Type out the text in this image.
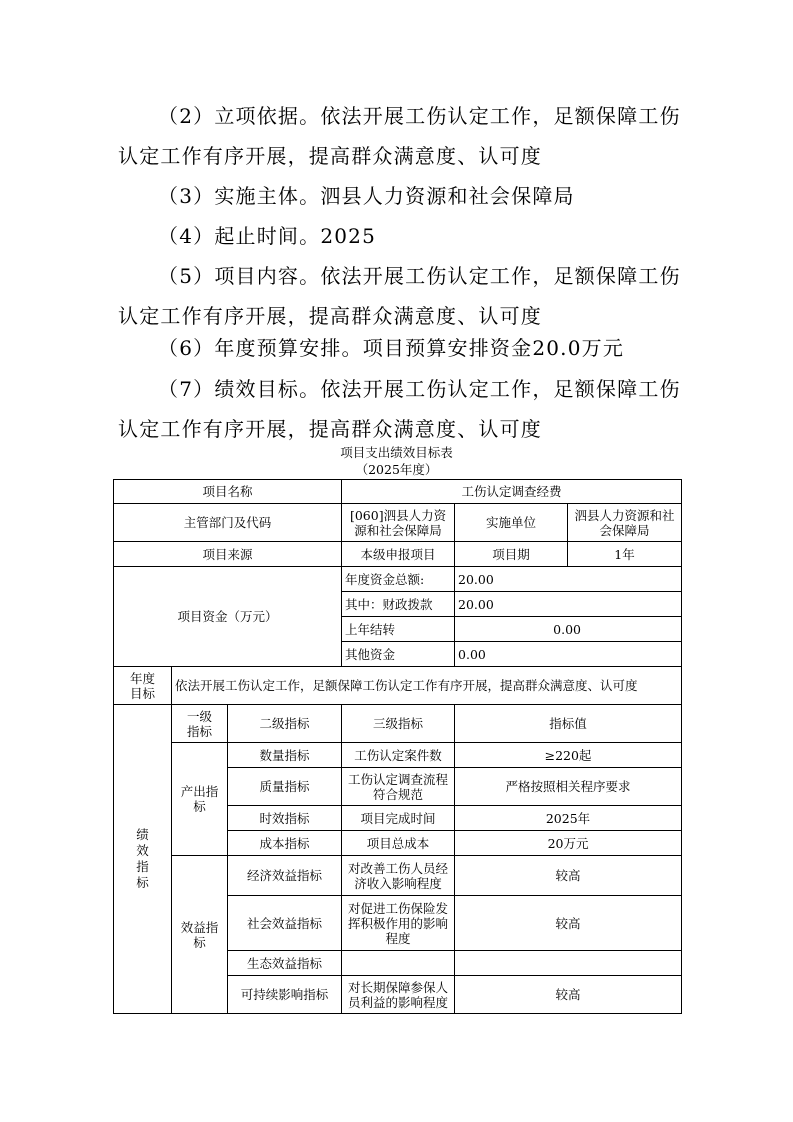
（2）立项依据。依法开展工伤认定工作，足额保障工伤
认定工作有序开展，提高群众满意度、认可度
（3）实施主体。泗县人力资源和社会保障局
（4）起止时间。2025
（5）项目内容。依法开展工伤认定工作，足额保障工伤
认定工作有序开展，提高群众满意度、认可度
（6）年度预算安排。项目预算安排资金20.0万元
（7）绩效目标。依法开展工伤认定工作，足额保障工伤
认定工作有序开展，提高群众满意度、认可度
项目支出绩效目标表
（2025年度）
项目名称			工伤认定调查经费		
主管部门及代码			[060]泗县人力资源和社会保障局	实施单位	泗县人力资源和社会保障局
项目来源			本级申报项目	项目期	1年
项目资金（万元）			年度资金总额:	20.00	
			其中：财政拨款	20.00	
			上年结转	0.00	
			其他资金	0.00	
年度目标	依法开展工伤认定工作，足额保障工伤认定工作有序开展，提高群众满意度、认可度				
绩效指标	一级指标	二级指标	三级指标	指标值	
	产出指标	数量指标	工伤认定案件数	≥220起	
		质量指标	工伤认定调查流程符合规范	严格按照相关程序要求	
		时效指标	项目完成时间	2025年	
		成本指标	项目总成本	20万元	
	效益指标	经济效益指标	对改善工伤人员经济收入影响程度	较高	
		社会效益指标	对促进工伤保险发挥积极作用的影响程度	较高	
		生态效益指标			
		可持续影响指标	对长期保障参保人员利益的影响程度	较高	
